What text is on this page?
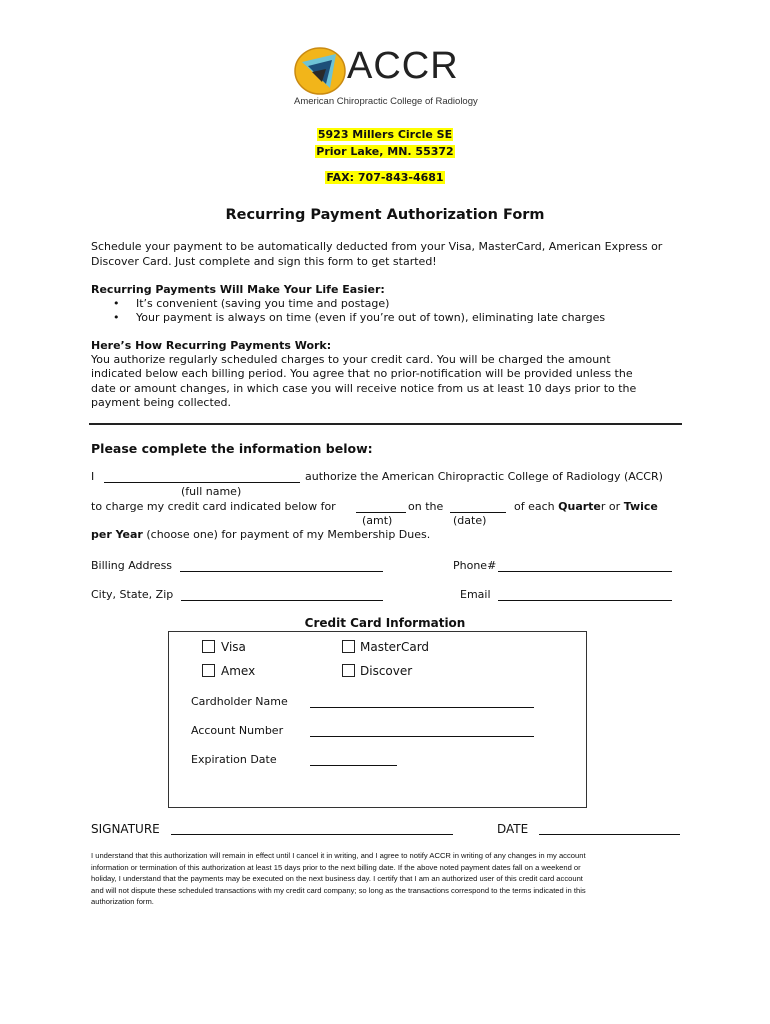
ACCR
American Chiropractic College of Radiology
5923 Millers Circle SE
Prior Lake, MN. 55372
FAX: 707-843-4681
Recurring Payment Authorization Form
Schedule your payment to be automatically deducted from your Visa, MasterCard, American Express or
Discover Card. Just complete and sign this form to get started!
Recurring Payments Will Make Your Life Easier:
• It’s convenient (saving you time and postage)
• Your payment is always on time (even if you’re out of town), eliminating late charges
Here’s How Recurring Payments Work:
You authorize regularly scheduled charges to your credit card. You will be charged the amount
indicated below each billing period. You agree that no prior-notification will be provided unless the
date or amount changes, in which case you will receive notice from us at least 10 days prior to the
payment being collected.
Please complete the information below:
I	authorize the American Chiropractic College of Radiology (ACCR)
(full name)
to charge my credit card indicated below for	on the	of each Quarter or Twice
(amt)	(date)
per Year (choose one) for payment of my Membership Dues.
Billing Address	Phone#
City, State, Zip	Email
Credit Card Information
Visa	MasterCard
Amex	Discover
Cardholder Name
Account Number
Expiration Date
SIGNATURE	DATE
I understand that this authorization will remain in effect until I cancel it in writing, and I agree to notify ACCR in writing of any changes in my account
information or termination of this authorization at least 15 days prior to the next billing date. If the above noted payment dates fall on a weekend or
holiday, I understand that the payments may be executed on the next business day. I certify that I am an authorized user of this credit card account
and will not dispute these scheduled transactions with my credit card company; so long as the transactions correspond to the terms indicated in this
authorization form.
